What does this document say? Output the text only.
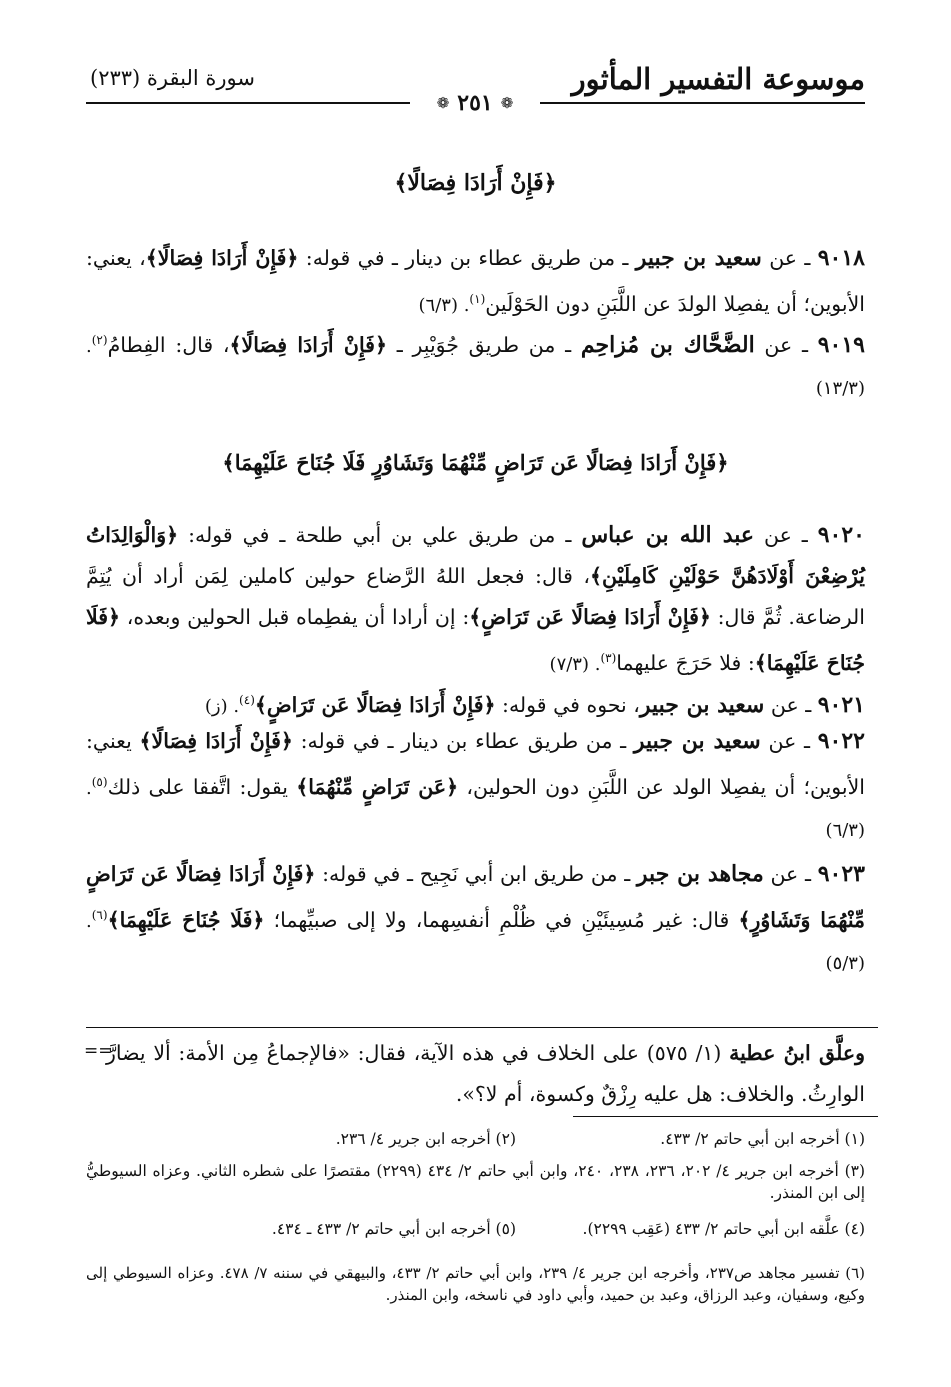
موسوعة التفسير المأثور
سورة البقرة (٢٣٣)
❁ ٢٥١ ❁
﴿فَإِنْ أَرَادَا فِصَالًا﴾
٩٠١٨ ـ عن سعيد بن جبير ـ من طريق عطاء بن دينار ـ في قوله: ﴿فَإِنْ أَرَادَا فِصَالًا﴾، يعني: الأبوين؛ أن يفصِلا الولدَ عن اللَّبَنِ دون الحَوْلَين$^{(١)}$. (٦/٣)
٩٠١٩ ـ عن الضَّحَّاك بن مُزاحِم ـ من طريق جُوَيْبِر ـ ﴿فَإِنْ أَرَادَا فِصَالًا﴾، قال: الفِطامُ$^{(٢)}$. (١٣/٣)
﴿فَإِنْ أَرَادَا فِصَالًا عَن تَرَاضٍ مِّنْهُمَا وَتَشَاوُرٍ فَلَا جُنَاحَ عَلَيْهِمَا﴾
٩٠٢٠ ـ عن عبد الله بن عباس ـ من طريق علي بن أبي طلحة ـ في قوله: ﴿وَالْوَالِدَاتُ يُرْضِعْنَ أَوْلَادَهُنَّ حَوْلَيْنِ كَامِلَيْنِ﴾، قال: فجعل اللهُ الرَّضاع حولين كاملين لِمَن أراد أن يُتِمَّ الرضاعة. ثُمَّ قال: ﴿فَإِنْ أَرَادَا فِصَالًا عَن تَرَاضٍ﴾: إن أرادا أن يفطِماه قبل الحولين وبعده، ﴿فَلَا جُنَاحَ عَلَيْهِمَا﴾: فلا حَرَجَ عليهما$^{(٣)}$. (٧/٣)
٩٠٢١ ـ عن سعيد بن جبير، نحوه في قوله: ﴿فَإِنْ أَرَادَا فِصَالًا عَن تَرَاضٍ﴾$^{(٤)}$. (ز)
٩٠٢٢ ـ عن سعيد بن جبير ـ من طريق عطاء بن دينار ـ في قوله: ﴿فَإِنْ أَرَادَا فِصَالًا﴾ يعني: الأبوين؛ أن يفصِلا الولد عن اللَّبَنِ دون الحولين، ﴿عَن تَرَاضٍ مِّنْهُمَا﴾ يقول: اتَّفقا على ذلك$^{(٥)}$. (٦/٣)
٩٠٢٣ ـ عن مجاهد بن جبر ـ من طريق ابن أبي نَجِيح ـ في قوله: ﴿فَإِنْ أَرَادَا فِصَالًا عَن تَرَاضٍ مِّنْهُمَا وَتَشَاوُرٍ﴾ قال: غير مُسِيئَيْنِ في ظُلْمِ أنفسِهما، ولا إلى صبيِّهما؛ ﴿فَلَا جُنَاحَ عَلَيْهِمَا﴾$^{(٦)}$. (٥/٣)
==	وعلَّق ابنُ عطية (١/ ٥٧٥) على الخلاف في هذه الآية، فقال: «فالإجماعُ مِن الأمة: ألا يضارَّ الوارِثُ. والخلاف: هل عليه رِزْقٌ وكسوة، أم لا؟».
(١) أخرجه ابن أبي حاتم ٢/ ٤٣٣.
(٢) أخرجه ابن جرير ٤/ ٢٣٦.
(٣) أخرجه ابن جرير ٤/ ٢٠٢، ٢٣٦، ٢٣٨، ٢٤٠، وابن أبي حاتم ٢/ ٤٣٤ (٢٢٩٩) مقتصرًا على شطره الثاني. وعزاه السيوطيُّ إلى ابن المنذر.
(٤) علَّقه ابن أبي حاتم ٢/ ٤٣٣ (عَقِب ٢٢٩٩).
(٥) أخرجه ابن أبي حاتم ٢/ ٤٣٣ ـ ٤٣٤.
(٦) تفسير مجاهد ص٢٣٧، وأخرجه ابن جرير ٤/ ٢٣٩، وابن أبي حاتم ٢/ ٤٣٣، والبيهقي في سننه ٧/ ٤٧٨. وعزاه السيوطي إلى وكيع، وسفيان، وعبد الرزاق، وعبد بن حميد، وأبي داود في ناسخه، وابن المنذر.
